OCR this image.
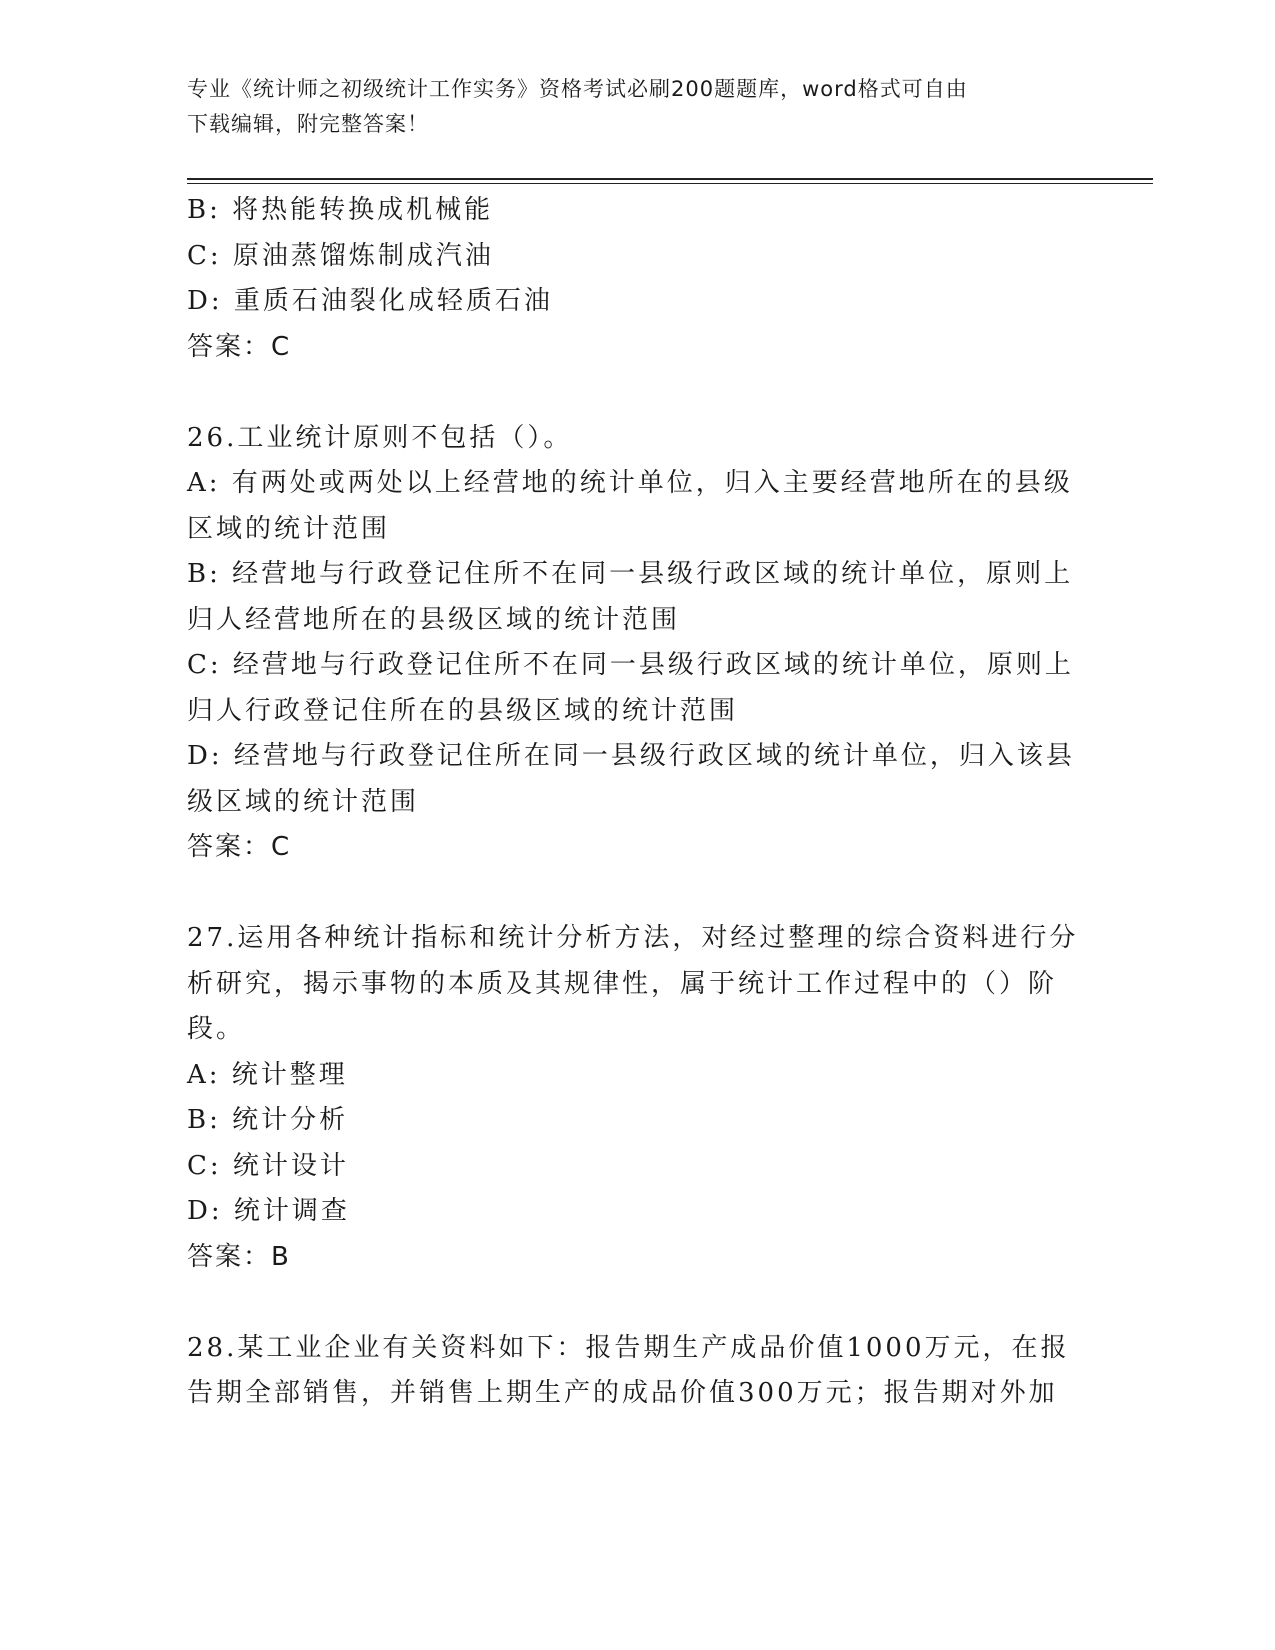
专业《统计师之初级统计工作实务》资格考试必刷200题题库，word格式可自由
下载编辑，附完整答案！
B: 将热能转换成机械能
C: 原油蒸馏炼制成汽油
D: 重质石油裂化成轻质石油
答案：C
26.工业统计原则不包括（）。
A: 有两处或两处以上经营地的统计单位，归入主要经营地所在的县级
区域的统计范围
B: 经营地与行政登记住所不在同一县级行政区域的统计单位，原则上
归人经营地所在的县级区域的统计范围
C: 经营地与行政登记住所不在同一县级行政区域的统计单位，原则上
归人行政登记住所在的县级区域的统计范围
D: 经营地与行政登记住所在同一县级行政区域的统计单位，归入该县
级区域的统计范围
答案：C
27.运用各种统计指标和统计分析方法，对经过整理的综合资料进行分
析研究，揭示事物的本质及其规律性，属于统计工作过程中的（）阶
段。
A: 统计整理
B: 统计分析
C: 统计设计
D: 统计调查
答案：B
28.某工业企业有关资料如下：报告期生产成品价值1000万元，在报
告期全部销售，并销售上期生产的成品价值300万元；报告期对外加
